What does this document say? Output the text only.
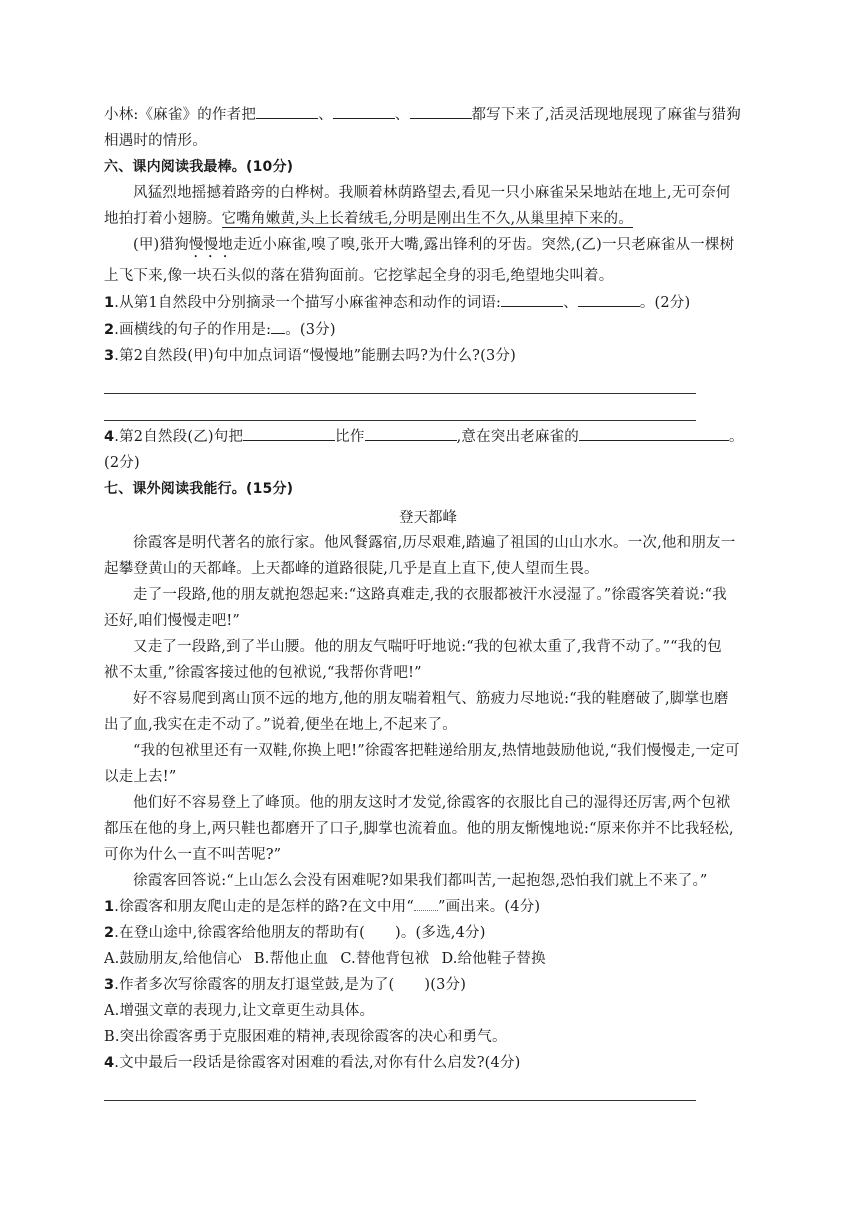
小林:《麻雀》的作者把	、	、	都写下来了,活灵活现地展现了麻雀与猎狗
相遇时的情形。
六、课内阅读我最棒。(10分)
风猛烈地摇撼着路旁的白桦树。我顺着林荫路望去,看见一只小麻雀呆呆地站在地上,无可奈何
地拍打着小翅膀。它嘴角嫩黄,头上长着绒毛,分明是刚出生不久,从巢里掉下来的。
(甲)猎狗慢慢地走近小麻雀,嗅了嗅,张开大嘴,露出锋利的牙齿。突然,(乙)一只老麻雀从一棵树
上飞下来,像一块石头似的落在猎狗面前。它挖挲起全身的羽毛,绝望地尖叫着。
1.从第1自然段中分别摘录一个描写小麻雀神态和动作的词语:	、	。(2分)
2.画横线的句子的作用是: 。(3分)
3.第2自然段(甲)句中加点词语“慢慢地”能删去吗?为什么?(3分)
4.第2自然段(乙)句把	比作	,意在突出老麻雀的	。
(2分)
七、课外阅读我能行。(15分)
登天都峰
徐霞客是明代著名的旅行家。他风餐露宿,历尽艰难,踏遍了祖国的山山水水。一次,他和朋友一
起攀登黄山的天都峰。上天都峰的道路很陡,几乎是直上直下,使人望而生畏。
走了一段路,他的朋友就抱怨起来:“这路真难走,我的衣服都被汗水浸湿了。”徐霞客笑着说:“我
还好,咱们慢慢走吧!”
又走了一段路,到了半山腰。他的朋友气喘吁吁地说:“我的包袱太重了,我背不动了。”“我的包
袱不太重,”徐霞客接过他的包袱说,“我帮你背吧!”
好不容易爬到离山顶不远的地方,他的朋友喘着粗气、筋疲力尽地说:“我的鞋磨破了,脚掌也磨
出了血,我实在走不动了。”说着,便坐在地上,不起来了。
“我的包袱里还有一双鞋,你换上吧!”徐霞客把鞋递给朋友,热情地鼓励他说,“我们慢慢走,一定可
以走上去!”
他们好不容易登上了峰顶。他的朋友这时才发觉,徐霞客的衣服比自己的湿得还厉害,两个包袱
都压在他的身上,两只鞋也都磨开了口子,脚掌也流着血。他的朋友惭愧地说:“原来你并不比我轻松,
可你为什么一直不叫苦呢?”
徐霞客回答说:“上山怎么会没有困难呢?如果我们都叫苦,一起抱怨,恐怕我们就上不来了。”
1.徐霞客和朋友爬山走的是怎样的路?在文中用“ ”画出来。(4分)
2.在登山途中,徐霞客给他朋友的帮助有( )。(多选,4分)
A.鼓励朋友,给他信心 B.帮他止血 C.替他背包袱 D.给他鞋子替换
3.作者多次写徐霞客的朋友打退堂鼓,是为了( )(3分)
A.增强文章的表现力,让文章更生动具体。
B.突出徐霞客勇于克服困难的精神,表现徐霞客的决心和勇气。
4.文中最后一段话是徐霞客对困难的看法,对你有什么启发?(4分)
